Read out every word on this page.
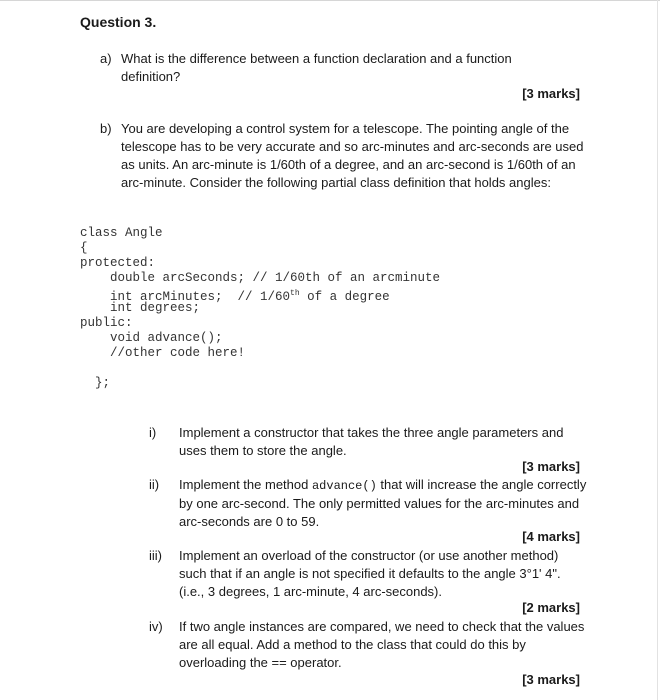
Question 3.
a) What is the difference between a function declaration and a function definition?
[3 marks]
b) You are developing a control system for a telescope. The pointing angle of the telescope has to be very accurate and so arc-minutes and arc-seconds are used as units. An arc-minute is 1/60th of a degree, and an arc-second is 1/60th of an arc-minute. Consider the following partial class definition that holds angles:
class Angle
{
protected:
double arcSeconds; // 1/60th of an arcminute
int arcMinutes;  // 1/60th of a degree
int degrees;
public:
void advance();
//other code here!
};
i) Implement a constructor that takes the three angle parameters and uses them to store the angle.
[3 marks]
ii) Implement the method advance() that will increase the angle correctly by one arc-second. The only permitted values for the arc-minutes and arc-seconds are 0 to 59.
[4 marks]
iii) Implement an overload of the constructor (or use another method) such that if an angle is not specified it defaults to the angle 3°1' 4". (i.e., 3 degrees, 1 arc-minute, 4 arc-seconds).
[2 marks]
iv) If two angle instances are compared, we need to check that the values are all equal. Add a method to the class that could do this by overloading the == operator.
[3 marks]
